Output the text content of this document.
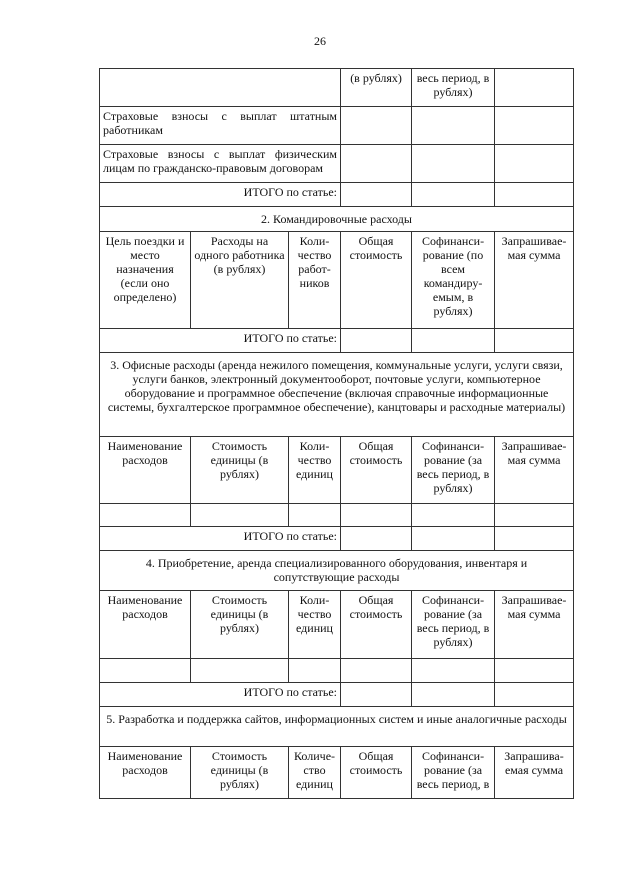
26
			(в рублях)	весь период, в рублях)	
Страховые взносы с выплат штатным работникам					
Страховые взносы с выплат физическим лицам по гражданско-правовым договорам					
ИТОГО по статье:					
2. Командировочные расходы					
Цель поездки и место назначения (если оно определено)	Расходы на одного работника (в рублях)	Коли-чество работ-ников	Общая стоимость	Софинанси-рование (по всем командиру-емым, в рублях)	Запрашивае-мая сумма
ИТОГО по статье:					
3. Офисные расходы (аренда нежилого помещения, коммунальные услуги, услуги связи, услуги банков, электронный документооборот, почтовые услуги, компьютерное оборудование и программное обеспечение (включая справочные информационные системы, бухгалтерское программное обеспечение), канцтовары и расходные материалы)					
Наименование расходов	Стоимость единицы (в рублях)	Коли-чество единиц	Общая стоимость	Софинанси-рование (за весь период, в рублях)	Запрашивае-мая сумма

ИТОГО по статье:					
4. Приобретение, аренда специализированного оборудования, инвентаря и сопутствующие расходы					
Наименование расходов	Стоимость единицы (в рублях)	Коли-чество единиц	Общая стоимость	Софинанси-рование (за весь период, в рублях)	Запрашивае-мая сумма

ИТОГО по статье:					
5. Разработка и поддержка сайтов, информационных систем и иные аналогичные расходы					
Наименование расходов	Стоимость единицы (в рублях)	Количе-ство единиц	Общая стоимость	Софинанси-рование (за весь период, в	Запрашива-емая сумма
